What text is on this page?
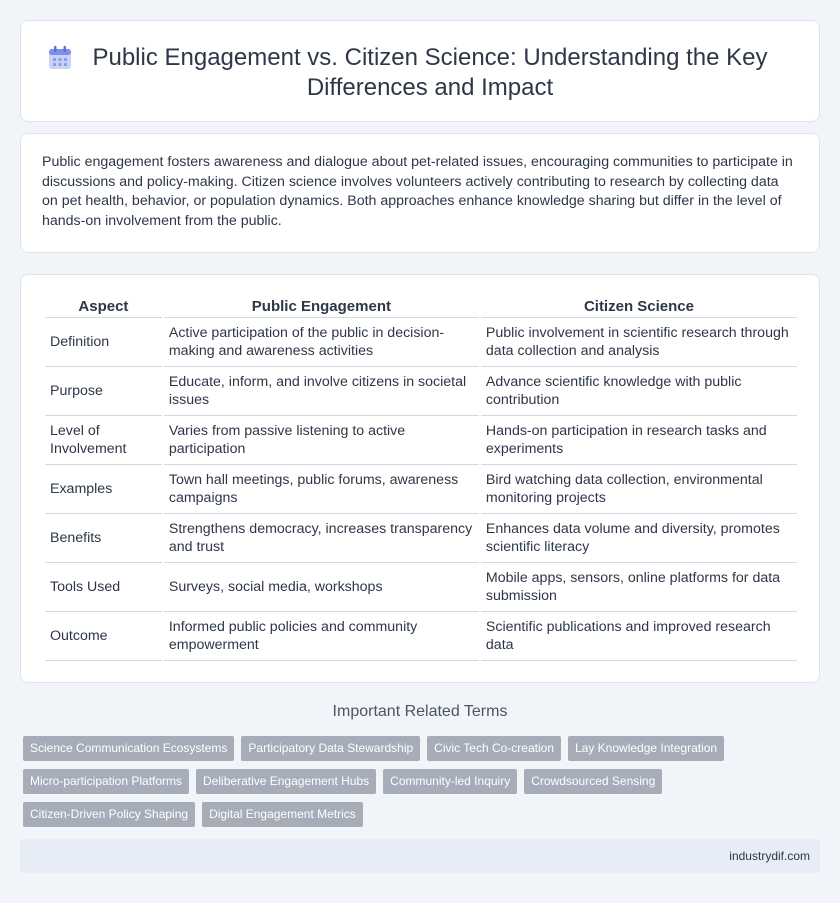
Public Engagement vs. Citizen Science: Understanding the Key Differences and Impact

Public engagement fosters awareness and dialogue about pet-related issues, encouraging communities to participate in discussions and policy-making. Citizen science involves volunteers actively contributing to research by collecting data on pet health, behavior, or population dynamics. Both approaches enhance knowledge sharing but differ in the level of hands-on involvement from the public.

Aspect	Public Engagement	Citizen Science
Definition	Active participation of the public in decision-making and awareness activities	Public involvement in scientific research through data collection and analysis
Purpose	Educate, inform, and involve citizens in societal issues	Advance scientific knowledge with public contribution
Level of Involvement	Varies from passive listening to active participation	Hands-on participation in research tasks and experiments
Examples	Town hall meetings, public forums, awareness campaigns	Bird watching data collection, environmental monitoring projects
Benefits	Strengthens democracy, increases transparency and trust	Enhances data volume and diversity, promotes scientific literacy
Tools Used	Surveys, social media, workshops	Mobile apps, sensors, online platforms for data submission
Outcome	Informed public policies and community empowerment	Scientific publications and improved research data
Important Related Terms
Science Communication Ecosystems	Participatory Data Stewardship	Civic Tech Co-creation	Lay Knowledge Integration
Micro-participation Platforms	Deliberative Engagement Hubs	Community-led Inquiry	Crowdsourced Sensing
Citizen-Driven Policy Shaping	Digital Engagement Metrics
industrydif.com
